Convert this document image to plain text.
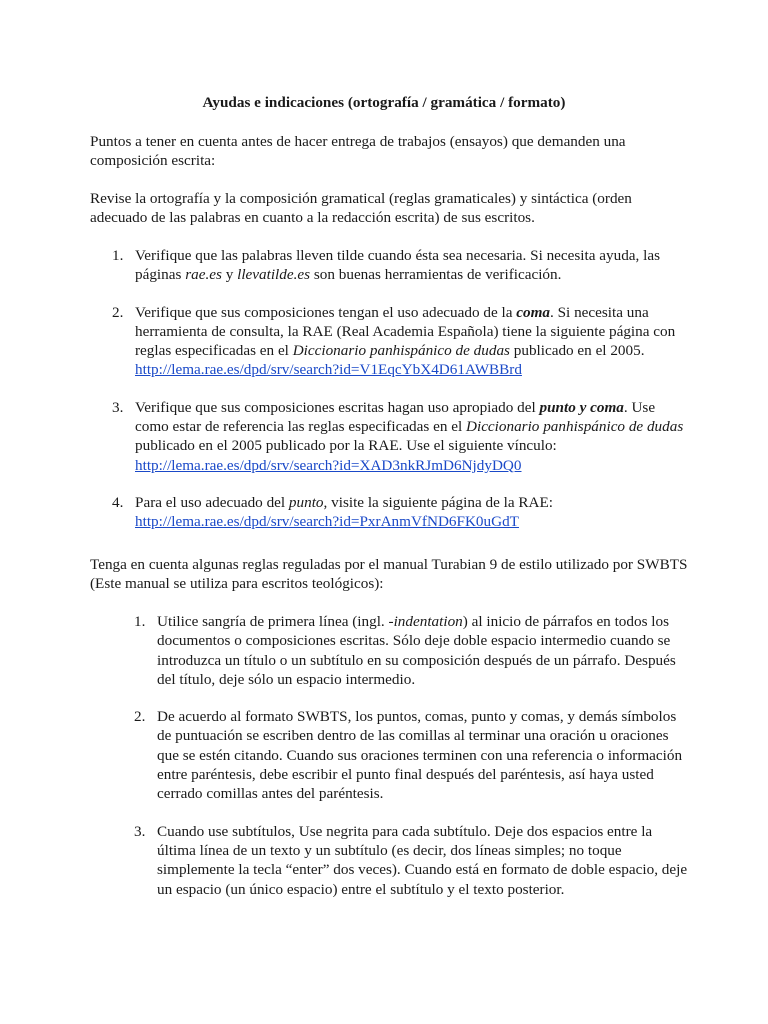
Ayudas e indicaciones (ortografía / gramática / formato)

Puntos a tener en cuenta antes de hacer entrega de trabajos (ensayos) que demanden una composición escrita:

Revise la ortografía y la composición gramatical (reglas gramaticales) y sintáctica (orden adecuado de las palabras en cuanto a la redacción escrita) de sus escritos.

1. Verifique que las palabras lleven tilde cuando ésta sea necesaria. Si necesita ayuda, las páginas rae.es y llevatilde.es son buenas herramientas de verificación.
2. Verifique que sus composiciones tengan el uso adecuado de la coma. Si necesita una herramienta de consulta, la RAE (Real Academia Española) tiene la siguiente página con reglas especificadas en el Diccionario panhispánico de dudas publicado en el 2005. http://lema.rae.es/dpd/srv/search?id=V1EqcYbX4D61AWBBrd
3. Verifique que sus composiciones escritas hagan uso apropiado del punto y coma. Use como estar de referencia las reglas especificadas en el Diccionario panhispánico de dudas publicado en el 2005 publicado por la RAE. Use el siguiente vínculo: http://lema.rae.es/dpd/srv/search?id=XAD3nkRJmD6NjdyDQ0
4. Para el uso adecuado del punto, visite la siguiente página de la RAE: http://lema.rae.es/dpd/srv/search?id=PxrAnmVfND6FK0uGdT

Tenga en cuenta algunas reglas reguladas por el manual Turabian 9 de estilo utilizado por SWBTS (Este manual se utiliza para escritos teológicos):

1. Utilice sangría de primera línea (ingl. -indentation) al inicio de párrafos en todos los documentos o composiciones escritas. Sólo deje doble espacio intermedio cuando se introduzca un título o un subtítulo en su composición después de un párrafo. Después del título, deje sólo un espacio intermedio.
2. De acuerdo al formato SWBTS, los puntos, comas, punto y comas, y demás símbolos de puntuación se escriben dentro de las comillas al terminar una oración u oraciones que se estén citando. Cuando sus oraciones terminen con una referencia o información entre paréntesis, debe escribir el punto final después del paréntesis, así haya usted cerrado comillas antes del paréntesis.
3. Cuando use subtítulos, Use negrita para cada subtítulo. Deje dos espacios entre la última línea de un texto y un subtítulo (es decir, dos líneas simples; no toque simplemente la tecla “enter” dos veces). Cuando está en formato de doble espacio, deje un espacio (un único espacio) entre el subtítulo y el texto posterior.
